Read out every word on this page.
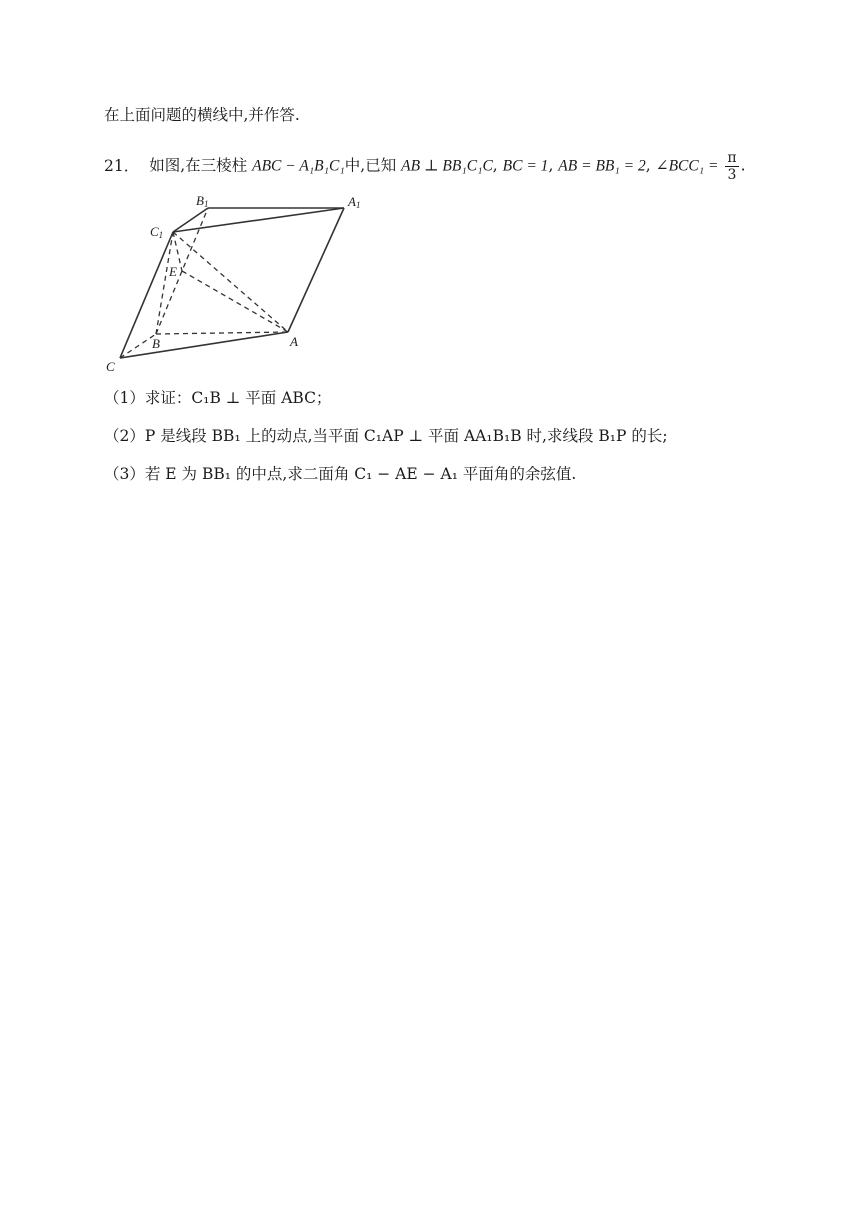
在上面问题的横线中,并作答.
21． 如图,在三棱柱 ABC − A₁B₁C₁中,已知 AB ⊥ BB₁C₁C, BC = 1, AB = BB₁ = 2, ∠BCC₁ = $\frac{\pi}{3}$ .
B1	A1
C1
E
B	A
C
（1）求证：C₁B ⊥ 平面 ABC；
（2）P 是线段 BB₁ 上的动点,当平面 C₁AP ⊥ 平面 AA₁B₁B 时,求线段 B₁P 的长;
（3）若 E 为 BB₁ 的中点,求二面角 C₁ − AE − A₁ 平面角的余弦值.
